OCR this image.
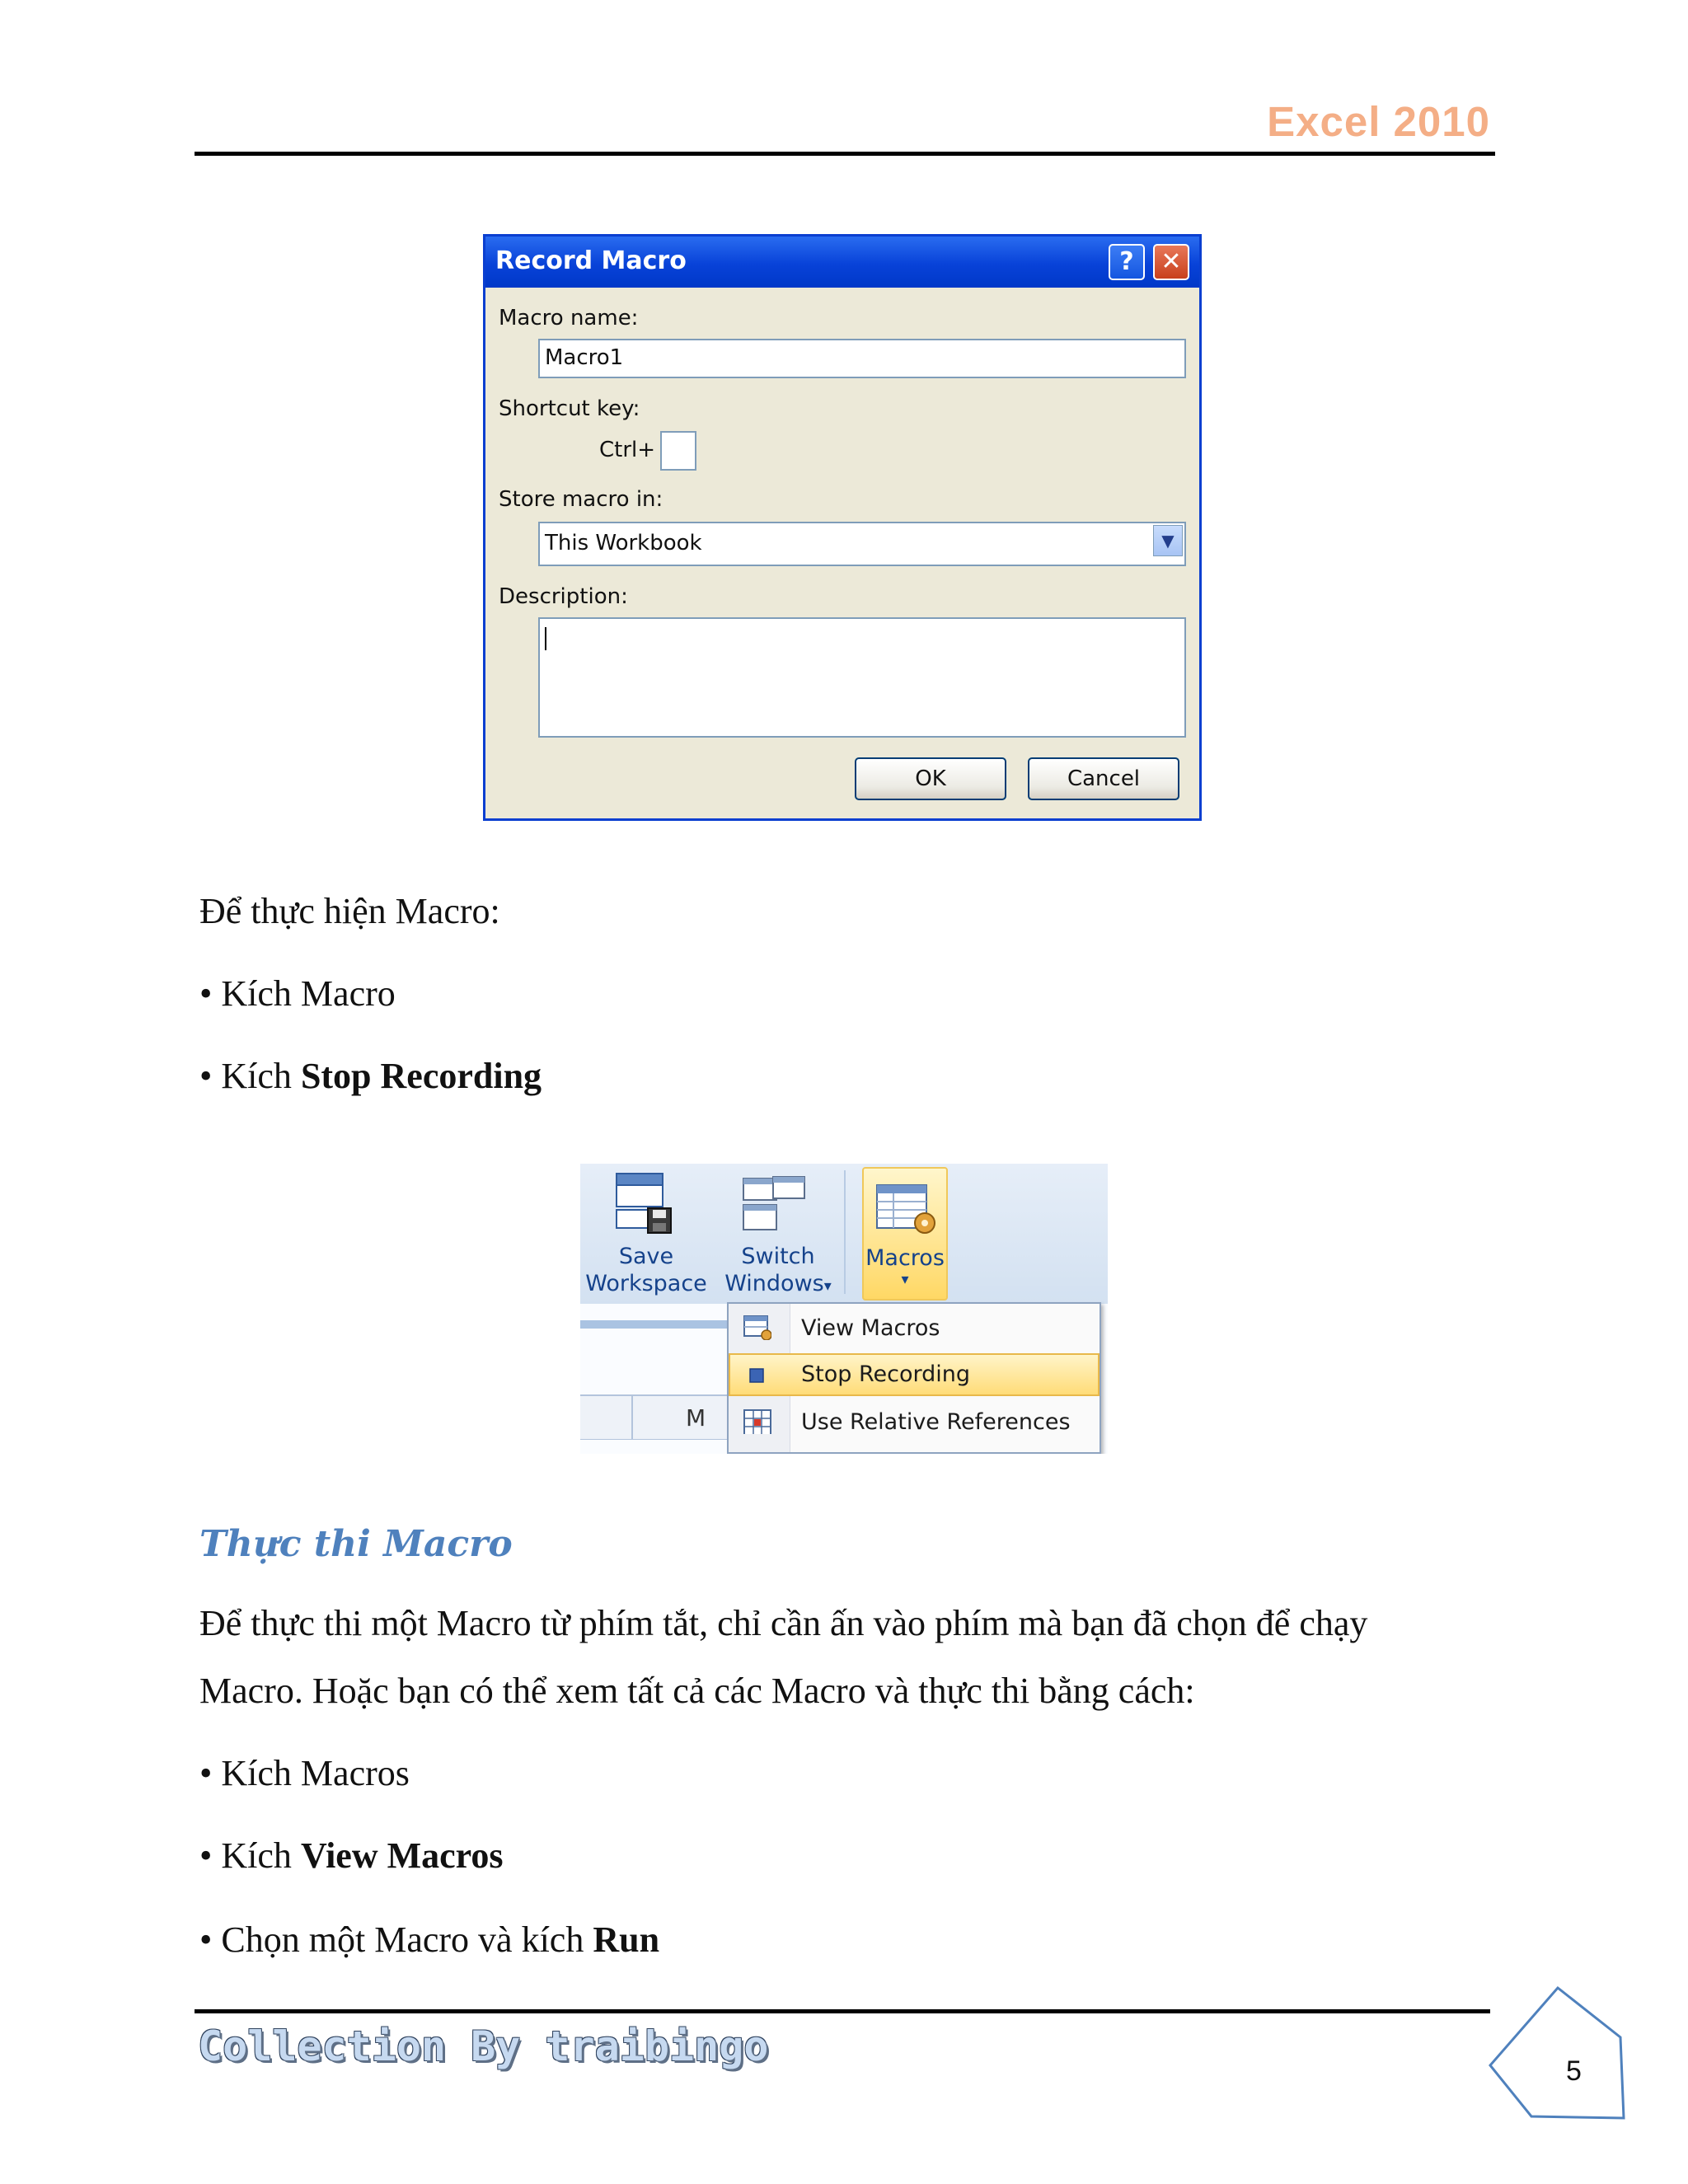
Excel 2010
Record Macro	?	✕
Macro name:
Macro1
Shortcut key:
Ctrl+
Store macro in:
This Workbook	▼
Description:
OK	Cancel
Để thực hiện Macro:
• Kích Macro
• Kích Stop Recording
M
Save
Workspace
Switch
Windows▾
Macros
▾
View Macros
Stop Recording
Use Relative References
Thực thi Macro
Để thực thi một Macro từ phím tắt, chỉ cần ấn vào phím mà bạn đã chọn để chạy
Macro. Hoặc bạn có thể xem tất cả các Macro và thực thi bằng cách:
• Kích Macros
• Kích View Macros
• Chọn một Macro và kích Run
Collection By traibingo
5
